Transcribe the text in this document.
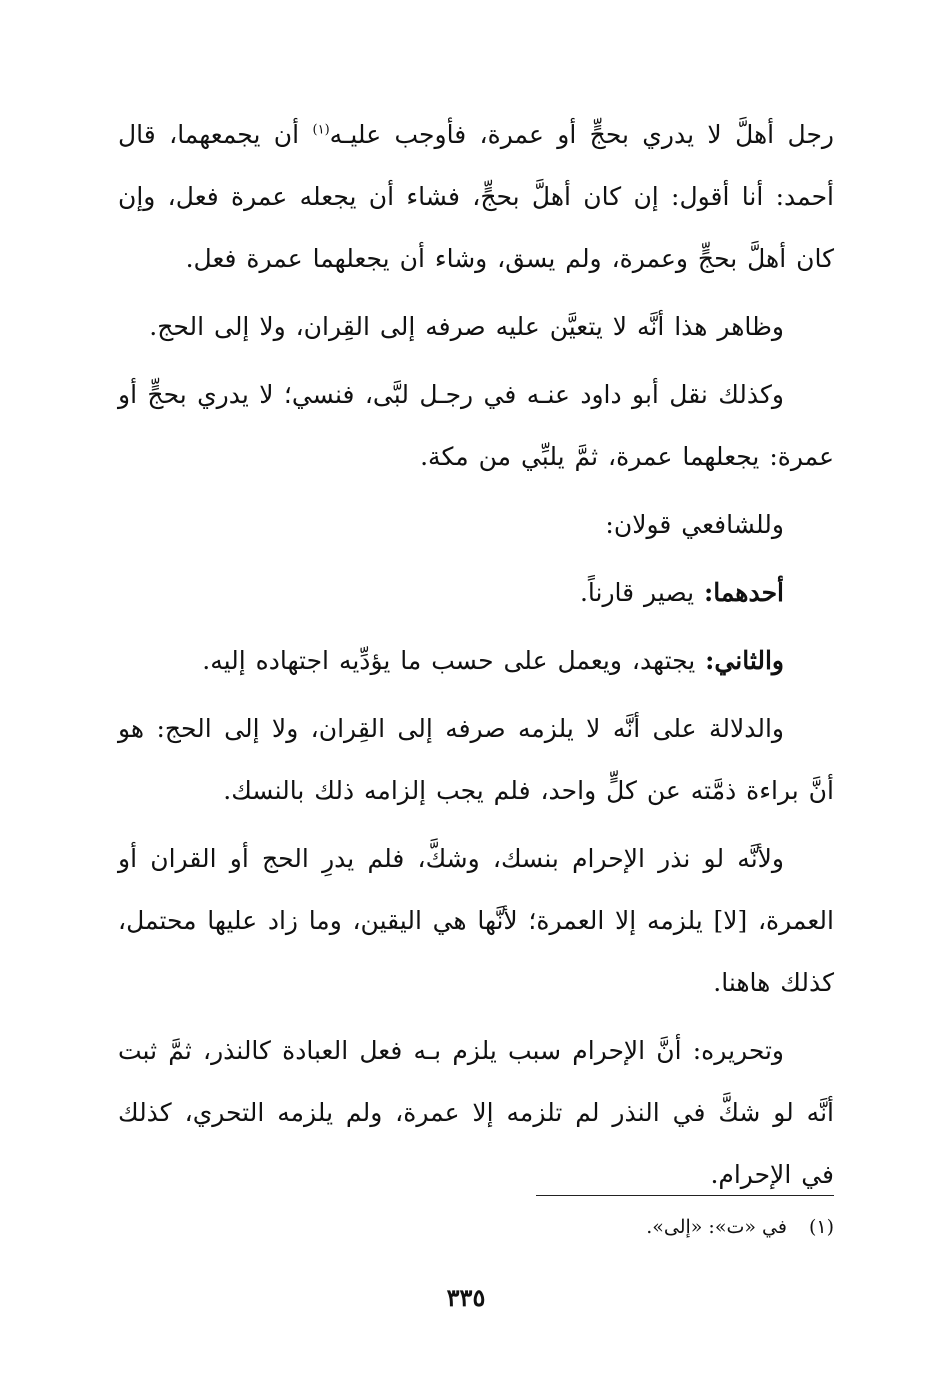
رجل أهلَّ لا يدري بحجٍّ أو عمرة، فأوجب عليـه$^{(١)}$ أن يجمعهما، قال أحمد: أنا أقول: إن كان أهلَّ بحجٍّ، فشاء أن يجعله عمرة فعل، وإن كان أهلَّ بحجٍّ وعمرة، ولم يسق، وشاء أن يجعلهما عمرة فعل.

وظاهر هذا أنَّه لا يتعيَّن عليه صرفه إلى القِران، ولا إلى الحج.

وكذلك نقل أبو داود عنـه في رجـل لبَّى، فنسي؛ لا يدري بحجٍّ أو عمرة: يجعلهما عمرة، ثمَّ يلبِّي من مكة.

وللشافعي قولان:

أحدهما: يصير قارناً.

والثاني: يجتهد، ويعمل على حسب ما يؤدِّيه اجتهاده إليه.

والدلالة على أنَّه لا يلزمه صرفه إلى القِران، ولا إلى الحج: هو أنَّ براءة ذمَّته عن كلٍّ واحد، فلم يجب إلزامه ذلك بالنسك.

ولأنَّه لو نذر الإحرام بنسك، وشكَّ، فلم يدرِ الحج أو القران أو العمرة، [لا] يلزمه إلا العمرة؛ لأنَّها هي اليقين، وما زاد عليها محتمل، كذلك هاهنا.

وتحريره: أنَّ الإحرام سبب يلزم بـه فعل العبادة كالنذر، ثمَّ ثبت أنَّه لو شكَّ في النذر لم تلزمه إلا عمرة، ولم يلزمه التحري، كذلك في الإحرام.

(١)في «ت»: «إلى».
٣٣٥
